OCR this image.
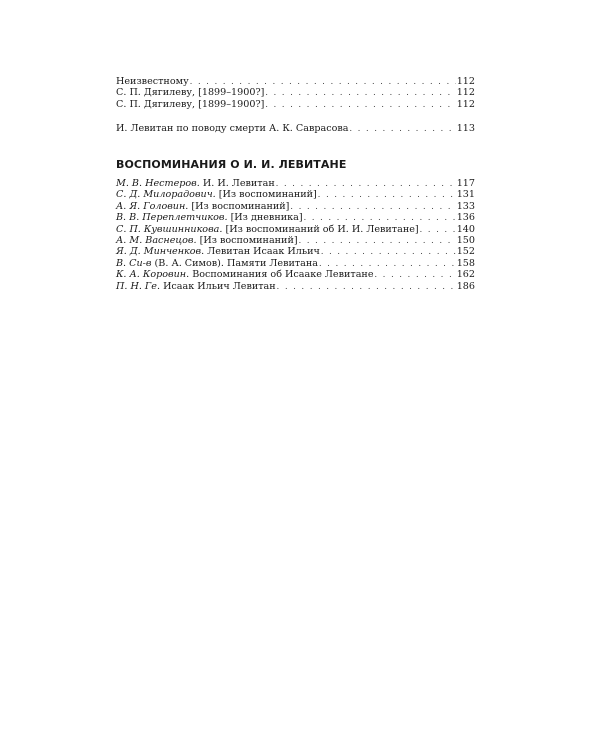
Неизвестному . . .	112
С. П. Дягилеву, [1899–1900?] . . .	112
С. П. Дягилеву, [1899–1900?] . . .	112
И. Левитан по поводу смерти А. К. Саврасова . . .	113
ВОСПОМИНАНИЯ О И. И. ЛЕВИТАНЕ
М. В. Нестеров. И. И. Левитан . . .	117
С. Д. Милорадович. [Из воспоминаний] . . .	131
А. Я. Головин. [Из воспоминаний] . . .	133
В. В. Переплетчиков. [Из дневника] . . .	136
С. П. Кувшинникова. [Из воспоминаний об И. И. Левитане] . . .	140
А. М. Васнецов. [Из воспоминаний] . . .	150
Я. Д. Минченков. Левитан Исаак Ильич . . .	152
В. Си-в (В. А. Симов). Памяти Левитана . . .	158
К. А. Коровин. Воспоминания об Исааке Левитане . . .	162
П. Н. Ге. Исаак Ильич Левитан . . .	186
